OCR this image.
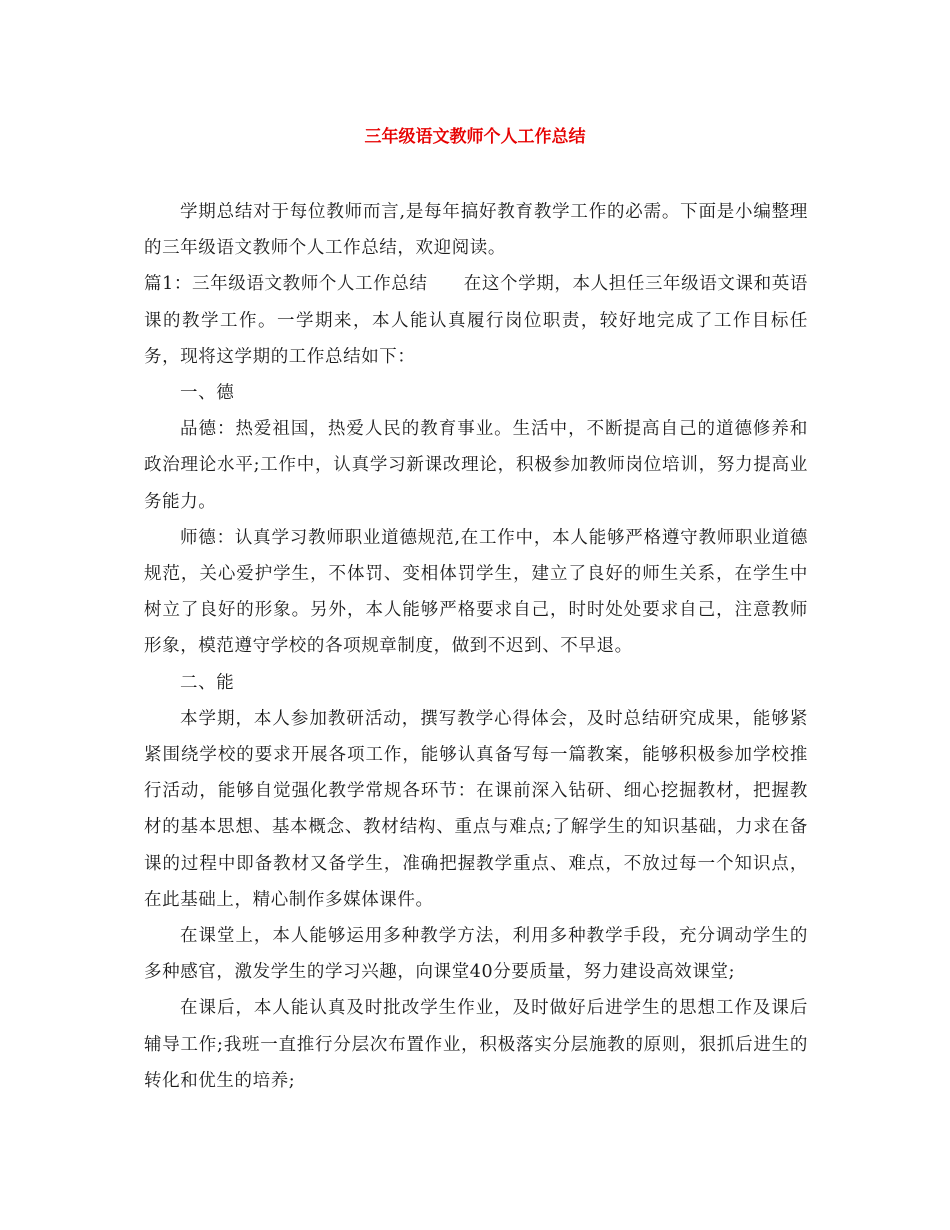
三年级语文教师个人工作总结

学期总结对于每位教师而言,是每年搞好教育教学工作的必需。下面是小编整理的三年级语文教师个人工作总结，欢迎阅读。

篇1：三年级语文教师个人工作总结　　在这个学期，本人担任三年级语文课和英语课的教学工作。一学期来，本人能认真履行岗位职责，较好地完成了工作目标任务，现将这学期的工作总结如下：

一、德

品德：热爱祖国，热爱人民的教育事业。生活中，不断提高自己的道德修养和政治理论水平;工作中，认真学习新课改理论，积极参加教师岗位培训，努力提高业务能力。

师德：认真学习教师职业道德规范,在工作中，本人能够严格遵守教师职业道德规范，关心爱护学生，不体罚、变相体罚学生，建立了良好的师生关系，在学生中树立了良好的形象。另外，本人能够严格要求自己，时时处处要求自己，注意教师形象，模范遵守学校的各项规章制度，做到不迟到、不早退。

二、能

本学期，本人参加教研活动，撰写教学心得体会，及时总结研究成果，能够紧紧围绕学校的要求开展各项工作，能够认真备写每一篇教案，能够积极参加学校推行活动，能够自觉强化教学常规各环节：在课前深入钻研、细心挖掘教材，把握教材的基本思想、基本概念、教材结构、重点与难点;了解学生的知识基础，力求在备课的过程中即备教材又备学生，准确把握教学重点、难点，不放过每一个知识点，在此基础上，精心制作多媒体课件。

在课堂上，本人能够运用多种教学方法，利用多种教学手段，充分调动学生的多种感官，激发学生的学习兴趣，向课堂40分要质量，努力建设高效课堂;

在课后，本人能认真及时批改学生作业，及时做好后进学生的思想工作及课后辅导工作;我班一直推行分层次布置作业，积极落实分层施教的原则，狠抓后进生的转化和优生的培养;
